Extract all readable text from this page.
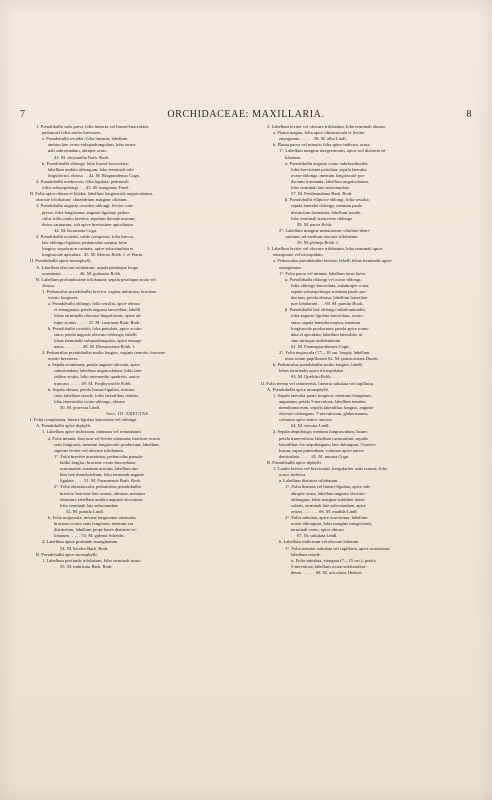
7	ORCHIDACEAE: MAXILLARIA.	8
1. Pseudobulbi satis parvi; folia linearia vel lineari-lanceolata;
pedunculi foliis multo breviores.
a. Pseudobulbi ovoidei; folia linearia; labellum
ambitu late ovato-subquadrangulum, lobo termi-
nali subrotundato, abrupte acuto
41. M. chrysantha Barb. Rodr.
b. Pseudobulbi oblongi; folia lineari-lanceolata;
labellum ambitu oblongum, lobo terminali sub-
linguiformi, obtuso . . 42. M. Riograndensis Cogn.
2. Pseudobulbi mediocres; folia ligulata; pedunculi
foliis subaequilongi . . . 43. M. marginata Fenzl.
B. Folia apice obtusa et biloba; labellum longiuscule unguiculatum,
obscure trilobatum; clinandrium margine ciliatum.
1. Pseudobulbi augusto ovoideo-oblongi, leviter com-
pressi; folia longissima, anguste ligulata; pedun-
culus foliis multo brevior; sepalum dorsale acutum,
dorso carinatum, sub apice brevissime apiculatum
44. M. bicarinata Cogn.
2. Pseudobulbi ovoidei, valde compressi; folia brevia,
late oblongo-ligulata; pedunculus saepius folio
longior; sepala non carinata, apice subrotundata et
longiuscule apiculata . 45. M. Meirax Rchb. f. et Warm.
II. Pseudobulbi apice monophylli.
A. Labellum obscure trilobatum; sepala petalaque longe
acuminata . . . . . . . . 46. M. gulmaria Rchb.
B. Labellum profundissime trilobatum; sepala petalaque acuta vel
obtusa.
1. Pedunculus pseudobulbo brevior, vagina imbricata; bracteae
ovario longiores.
a. Pseudobulbi oblongi; folia sessilia, apice obtusa
et emarginata; petala angusta lanceolata; labelli
lobus terminalis obovato-linguiformis, apice ab-
rupte acutus . . . . . 47. M. cassinara Barb. Rodr.
b. Pseudobulbi ovoidei; folia petiolata, apice acutis-
sima; petala anguste obovato-oblonga; labelli
lobus terminalis subquadrangulus, apice emargi-
natus . . . . . . . . 48. M. Desvauxiana Rchb. f.
2. Pedunculus pseudobulbo multo longior, vaginis remotis; bracteae
ovario breviores.
a. Sepala acuminata; petala anguste obovata, apice
subrotundata; labellum unguiculatum, lobis late-
ralibus acutis, lobo intermedio quadrato, antice
truncato . . . . . 49. M. Porphyrostele Rchb.
b. Sepala obtusa; petala lineari-ligulata, acutius-
cula; labellum sessile, lobis lateralibus obtusis,
lobo intermedio ovato-oblongo, obtuso
50. M. porrecta Lindl.
Sect. III. ERECTAE.
I. Folia complanata, lineari-ligulata lanceolata vel oblonga.
A. Pseudobulbi apice diphylli.
1. Labellum apice indivisum, obtusum vel rotundatum
a. Folia minuta, basi non vel leviter attenuata; bracteae ovario
satis longiores; mentum longiuscule productum; labellum
superne leviter vel obscure trilobatum.
1°. Folia breviter acuminata; pedunculus pseudo-
bulbo longior; bracteae ovato-lanceolatae,
acuminatae; mentum acutum; labellum am-
bitu late rhomboideum, lobo terminali anguste
ligulato . . . . 51. M. Paranaensis Barb. Rodr.
2°. Folia obtusiuscula; pedunculus pseudobulbo
brevior; bracteae late ovatae, obtusae; mentum
obtusum; labellum ambitu anguste obovatum,
lobo terminali late subrotundato
52. M. pumila Lindl.
b. Folia majuscula, inferne longissime attenuata;
bracteae ovario satis longiores; mentum vix
distinctum; labellum prope basin distincte tri-
lobatum . . . . . 53. M. galeata Scheidw.
2. Labellum apice profunde emarginatum
54. M. bicolor Barb. Rodr.
B. Pseudobulbi apice monophylli.
1. Labellum profunde trilobatum, lobo terminali acuto
55. M. imbricata Barb. Rodr.
2. Labellum leviter vel obscure trilobatum, lobo terminali obtuso.
a. Planta magna; folia apice obtusiuscula et leviter
emarginata . . . . . . 56. M. alba Lindl.
b. Planta parva vel minuta; folia apice indivisa, acuta.
1°. Labellum margine integerrimum, apice sed distincte tri-
lobatum.
α. Pseudobulbi anguste ovato-subrhomboidei;
folia brevissime petiolata; sepala lateralia
ovato-oblonga, mentum longiuscule pro-
ductum formantia; labellum unguiculatum,
lobo terminali late subrotundato
57. M. Ferdinandiana Barb. Rodr.
β. Pseudobulbi elliptico-oblongi; folia sessilia;
sepala lateralia oblonga, mentum paulo
distinctum formantia; labellum sessile,
lobo terminali transverse oblongo
58. M. parva Rchb.
2°. Labellum margine minutissime ciliolato-denti-
culatum, ad medium obscure trilobatum
59. M. plebeja Rchb. f.
3. Labellum leviter vel obscure trilobatum, lobo terminali apice
emarginato vel tricuspidato.
a. Pedunculus pseudobulbo brevior; labelli lobus terminalis apice
emarginatus.
1°. Folia parva vel minuta; labellum intus laeve.
α. Pseudobulbi oblongi vel ovato-oblongi;
folia oblongo-lanceolata, subabrupte acuta;
sepala subaequilonga; mentum paulo pro-
ductum; petala obtusa; labellum lateraliter
non lobulatum . . . 60. M. pumila Hook.
β. Pseudobulbi late oblongo-subrhomboidei;
folia anguste ligulato-lanceolata, acutis-
sima; sepala lateralia majora; mentum
longiuscule productum; petala apice rotun-
data et apiculata; labellum lateraliter in
sinu utrinque unilobulatum
61. M. Paranapiacabensis Cogn.
2°. Folia majuscula (17—18 cm. longa); labellum
intus totum papillosum 62. M. punctostriata Dusén.
b. Pedunculus pseudobulbo multo longior; labelli
lobus terminalis apice tricuspidatus
63. M. Quelchii Rchb.
II. Folia teretia vel semiteretia, linearia subulata vel capillaria.
A. Pseudobulbi apice monophylli.
1. Sepala lateralia paulo longiora; mentum elongatum,
angustum; petala 5-nervulosa; labellum tenuiter
membranaceum, sepalis lateralibus longius, anguste
obovato-oblongum, 7-nervulosum, glaberrimum;
columna apice antice unciata
64. M. vescata Lindl.
2. Sepala aequilonga; mentum longiusculum, latum;
petala trinervulosa; labellum carnosulum, sepalis
lateralibus vix aequilongum, late oblongum, 5-nervu-
losum, supra puberulum; columna apice antice
denticulata . . . . . 65. M. minuta Cogn.
B. Pseudobulbi apice diphylli.
1. Caules breves vel brevissimi, irregulariter satis ramosi; folia
acuta, indivisa.
a. Labellum distincte trilobatum.
1°. Folia linearia vel lineari-ligulata, apice sub-
abrupte acuta; labellum anguste obovato-
oblongum, lobis margine subtiliter denti-
culatis, terminali late subrotundato, apice
retuso . . . . . . . 66. M. madida Lindl.
2°. Folia subulata, apice acutissima; labellum
ovato-oblongum, lobis margine integerrimis,
terminali ovato, apice obtuso
67. M. subulata Lindl.
b. Labellum indivisum vel obscure lobatum.
1°. Folia tenuiter subulata vel capillaria, apice acutissima;
labellum sessile.
α. Folia subulata, elongata (7—15 cm.); petala
5-nervulosa; labellum ovato-subrhomboi-
deum . . . . . . 68. M. acicularis Herbert.
